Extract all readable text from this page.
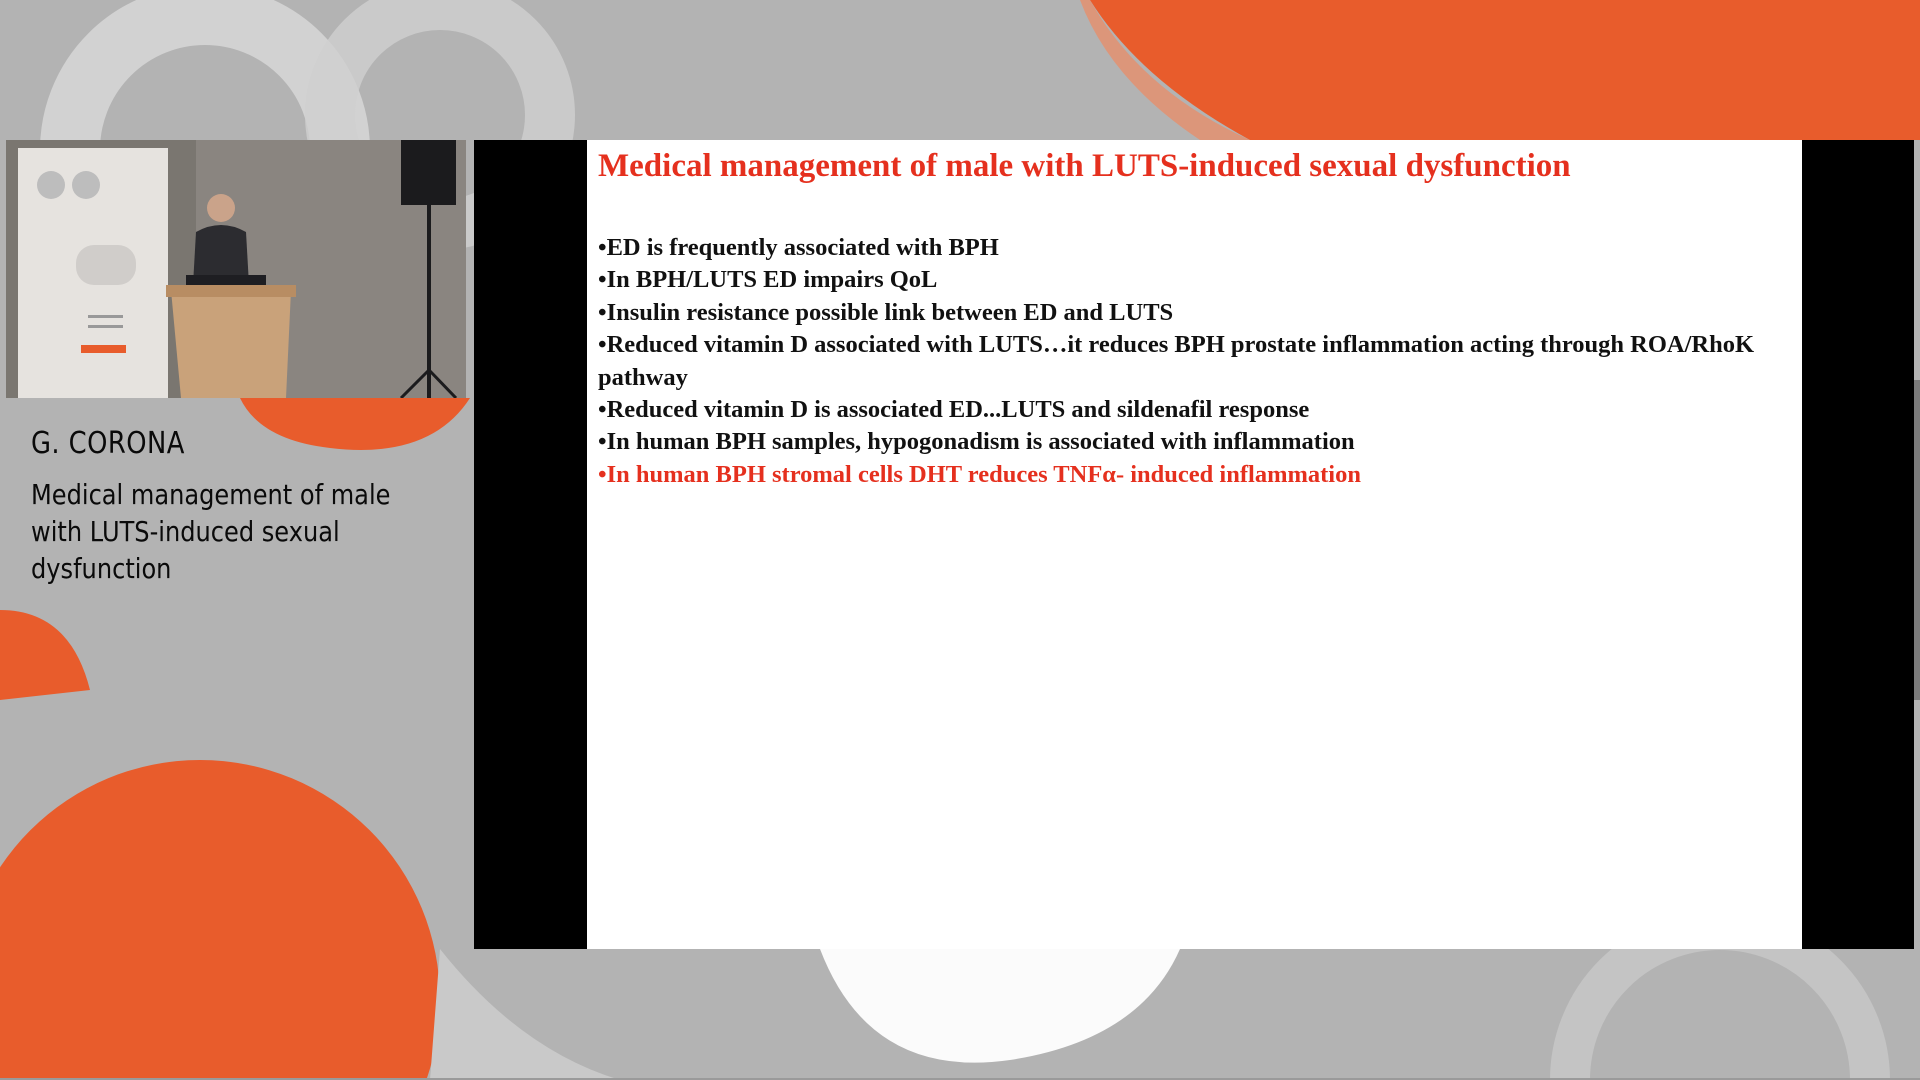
G. CORONA
Medical management of male with LUTS-induced sexual dysfunction
Medical management of male with LUTS-induced sexual dysfunction
•ED is frequently associated with BPH
•In BPH/LUTS ED impairs QoL
•Insulin resistance possible link between ED and LUTS
•Reduced vitamin D associated with LUTS…it reduces BPH prostate inflammation acting through ROA/RhoK pathway
•Reduced vitamin D is associated ED...LUTS and sildenafil response
•In human BPH samples, hypogonadism is associated with inflammation
•In human BPH stromal cells DHT reduces TNFα- induced inflammation
